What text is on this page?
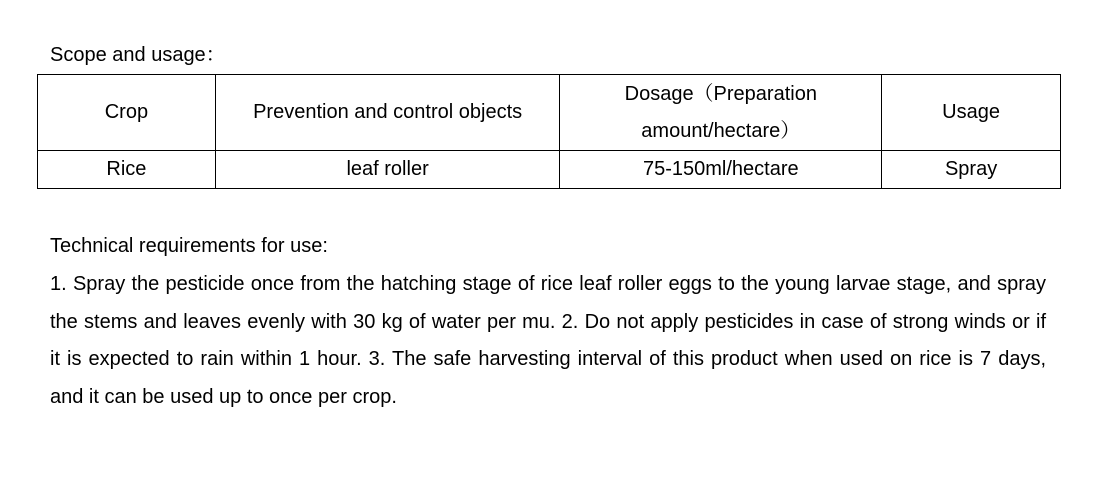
Scope and usage：
Crop	Prevention and control objects	Dosage（Preparation amount/hectare）	Usage
Rice	leaf roller	75-150ml/hectare	Spray
Technical requirements for use:
1. Spray the pesticide once from the hatching stage of rice leaf roller eggs to the young larvae stage, and spray the stems and leaves evenly with 30 kg of water per mu. 2. Do not apply pesticides in case of strong winds or if it is expected to rain within 1 hour. 3. The safe harvesting interval of this product when used on rice is 7 days, and it can be used up to once per crop.
